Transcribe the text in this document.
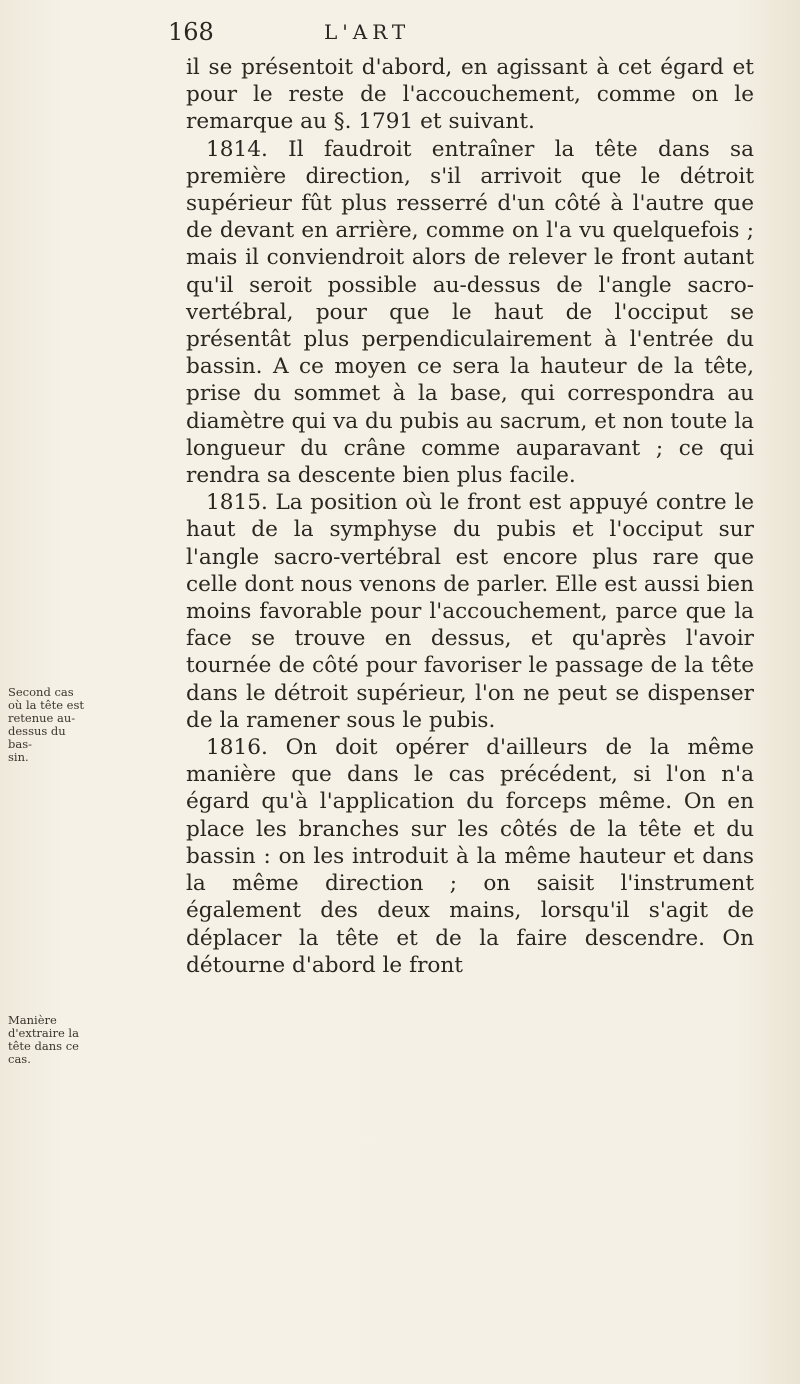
168	L'ART

il se présentoit d'abord, en agissant à cet égard et pour le reste de l'accouchement, comme on le remarque au §. 1791 et suivant.

1814. Il faudroit entraîner la tête dans sa première direction, s'il arrivoit que le détroit supérieur fût plus resserré d'un côté à l'autre que de devant en arrière, comme on l'a vu quelquefois ; mais il conviendroit alors de relever le front autant qu'il seroit possible au-dessus de l'angle sacro-vertébral, pour que le haut de l'occiput se présentât plus perpendiculairement à l'entrée du bassin. A ce moyen ce sera la hauteur de la tête, prise du sommet à la base, qui correspondra au diamètre qui va du pubis au sacrum, et non toute la longueur du crâne comme auparavant ; ce qui rendra sa descente bien plus facile.

1815. La position où le front est appuyé contre le haut de la symphyse du pubis et l'occiput sur l'angle sacro-vertébral est encore plus rare que celle dont nous venons de parler. Elle est aussi bien moins favorable pour l'accouchement, parce que la face se trouve en dessus, et qu'après l'avoir tournée de côté pour favoriser le passage de la tête dans le détroit supérieur, l'on ne peut se dispenser de la ramener sous le pubis.

1816. On doit opérer d'ailleurs de la même manière que dans le cas précédent, si l'on n'a égard qu'à l'application du forceps même. On en place les branches sur les côtés de la tête et du bassin : on les introduit à la même hauteur et dans la même direction ; on saisit l'instrument également des deux mains, lorsqu'il s'agit de déplacer la tête et de la faire descendre. On détourne d'abord le front

Second cas
où la tête est
retenue au-
dessus du bas-
sin.
Manière
d'extraire la
tête dans ce
cas.
